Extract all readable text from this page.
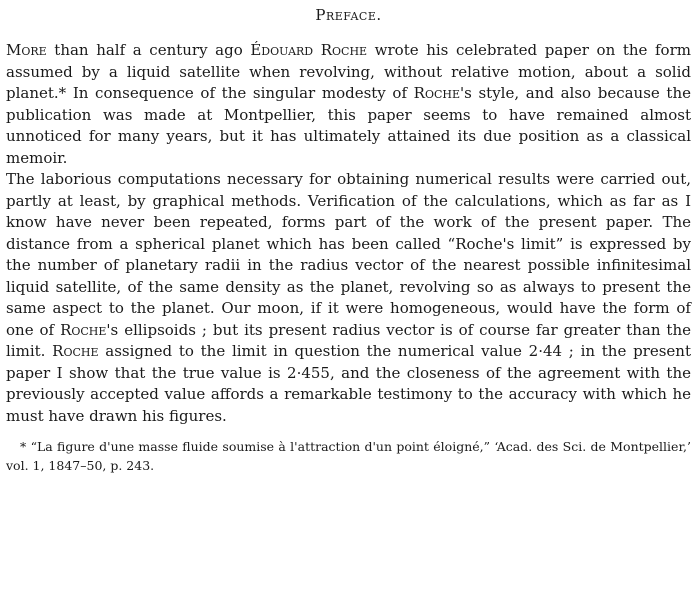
Preface.

More than half a century ago Édouard Roche wrote his celebrated paper on the form assumed by a liquid satellite when revolving, without relative motion, about a solid planet.* In consequence of the singular modesty of Roche's style, and also because the publication was made at Montpellier, this paper seems to have remained almost unnoticed for many years, but it has ultimately attained its due position as a classical memoir.

The laborious computations necessary for obtaining numerical results were carried out, partly at least, by graphical methods. Verification of the calculations, which as far as I know have never been repeated, forms part of the work of the present paper. The distance from a spherical planet which has been called “Roche's limit” is expressed by the number of planetary radii in the radius vector of the nearest possible infinitesimal liquid satellite, of the same density as the planet, revolving so as always to present the same aspect to the planet. Our moon, if it were homogeneous, would have the form of one of Roche's ellipsoids ; but its present radius vector is of course far greater than the limit. Roche assigned to the limit in question the numerical value 2·44 ; in the present paper I show that the true value is 2·455, and the closeness of the agreement with the previously accepted value affords a remarkable testimony to the accuracy with which he must have drawn his figures.

* “La figure d'une masse fluide soumise à l'attraction d'un point éloigné,” ‘Acad. des Sci. de Montpellier,’ vol. 1, 1847–50, p. 243.
